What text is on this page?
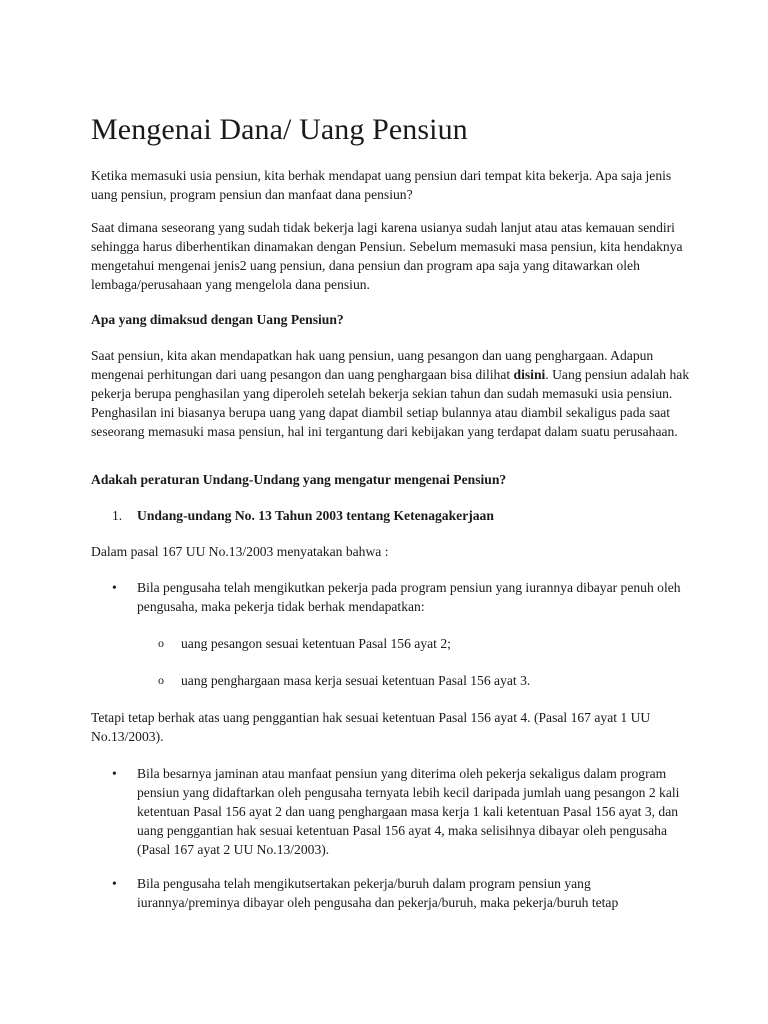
Mengenai Dana/ Uang Pensiun

Ketika memasuki usia pensiun, kita berhak mendapat uang pensiun dari tempat kita bekerja. Apa saja jenis uang pensiun, program pensiun dan manfaat dana pensiun?

Saat dimana seseorang yang sudah tidak bekerja lagi karena usianya sudah lanjut atau atas kemauan sendiri sehingga harus diberhentikan dinamakan dengan Pensiun. Sebelum memasuki masa pensiun, kita hendaknya mengetahui mengenai jenis2 uang pensiun, dana pensiun dan program apa saja yang ditawarkan oleh lembaga/perusahaan yang mengelola dana pensiun.

Apa yang dimaksud dengan Uang Pensiun?

Saat pensiun, kita akan mendapatkan hak uang pensiun, uang pesangon dan uang penghargaan. Adapun mengenai perhitungan dari uang pesangon dan uang penghargaan bisa dilihat disini. Uang pensiun adalah hak pekerja berupa penghasilan yang diperoleh setelah bekerja sekian tahun dan sudah memasuki usia pensiun. Penghasilan ini biasanya berupa uang yang dapat diambil setiap bulannya atau diambil sekaligus pada saat seseorang memasuki masa pensiun, hal ini tergantung dari kebijakan yang terdapat dalam suatu perusahaan.

Adakah peraturan Undang-Undang yang mengatur mengenai Pensiun?

1. Undang-undang No. 13 Tahun 2003 tentang Ketenagakerjaan

Dalam pasal 167 UU No.13/2003 menyatakan bahwa :

• Bila pengusaha telah mengikutkan pekerja pada program pensiun yang iurannya dibayar penuh oleh pengusaha, maka pekerja tidak berhak mendapatkan:

o uang pesangon sesuai ketentuan Pasal 156 ayat 2;

o uang penghargaan masa kerja sesuai ketentuan Pasal 156 ayat 3.

Tetapi tetap berhak atas uang penggantian hak sesuai ketentuan Pasal 156 ayat 4. (Pasal 167 ayat 1 UU No.13/2003).

• Bila besarnya jaminan atau manfaat pensiun yang diterima oleh pekerja sekaligus dalam program pensiun yang didaftarkan oleh pengusaha ternyata lebih kecil daripada jumlah uang pesangon 2 kali ketentuan Pasal 156 ayat 2 dan uang penghargaan masa kerja 1 kali ketentuan Pasal 156 ayat 3, dan uang penggantian hak sesuai ketentuan Pasal 156 ayat 4, maka selisihnya dibayar oleh pengusaha (Pasal 167 ayat 2 UU No.13/2003).

• Bila pengusaha telah mengikutsertakan pekerja/buruh dalam program pensiun yang iurannya/preminya dibayar oleh pengusaha dan pekerja/buruh, maka pekerja/buruh tetap
